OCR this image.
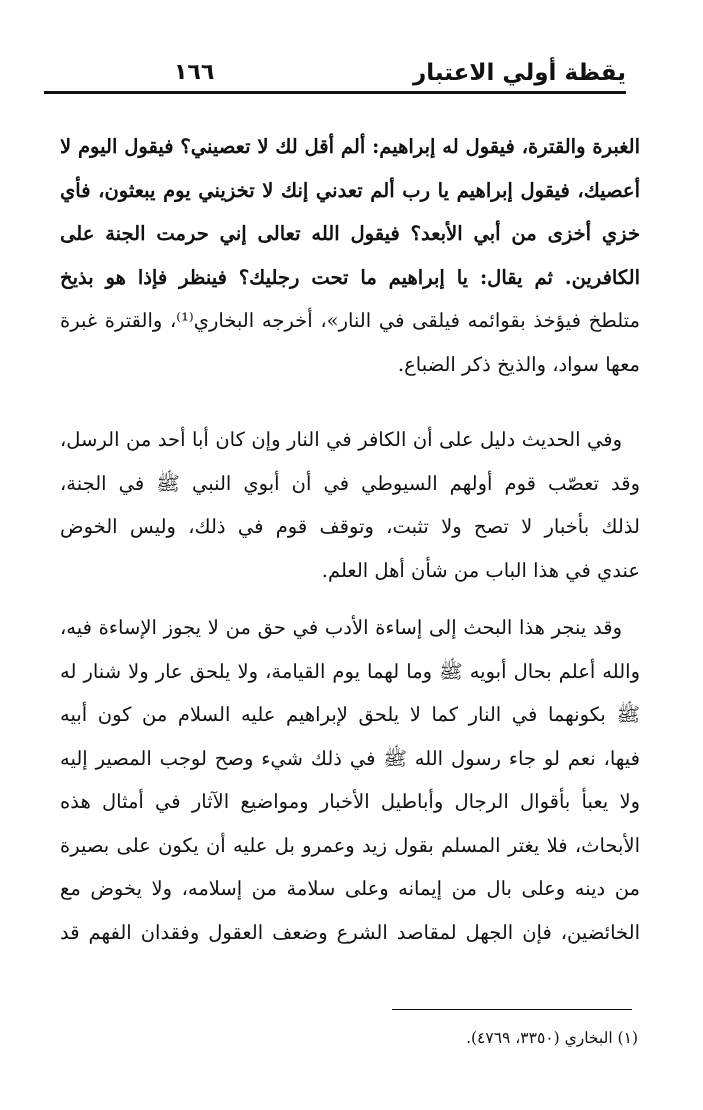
يقظة أولي الاعتبار
١٦٦
الغبرة والقترة، فيقول له إبراهيم: ألم أقل لك لا تعصيني؟ فيقول اليوم لا
أعصيك، فيقول إبراهيم يا رب ألم تعدني إنك لا تخزيني يوم يبعثون، فأي
خزي أخزى من أبي الأبعد؟ فيقول الله تعالى إني حرمت الجنة على
الكافرين. ثم يقال: يا إبراهيم ما تحت رجليك؟ فينظر فإذا هو بذيخ
متلطخ فيؤخذ بقوائمه فيلقى في النار»، أخرجه البخاري⁽¹⁾، والقترة غبرة
معها سواد، والذيخ ذكر الضباع.
وفي الحديث دليل على أن الكافر في النار وإن كان أبا أحد من الرسل،
وقد تعصّب قوم أولهم السيوطي في أن أبوي النبي ﷺ في الجنة،
لذلك بأخبار لا تصح ولا تثبت، وتوقف قوم في ذلك، وليس الخوض
عندي في هذا الباب من شأن أهل العلم.
وقد ينجر هذا البحث إلى إساءة الأدب في حق من لا يجوز الإساءة فيه،
والله أعلم بحال أبويه ﷺ وما لهما يوم القيامة، ولا يلحق عار ولا شنار له
ﷺ بكونهما في النار كما لا يلحق لإبراهيم عليه السلام من كون أبيه
فيها، نعم لو جاء رسول الله ﷺ في ذلك شيء وصح لوجب المصير إليه
ولا يعبأ بأقوال الرجال وأباطيل الأخبار ومواضيع الآثار في أمثال هذه
الأبحاث، فلا يغتر المسلم بقول زيد وعمرو بل عليه أن يكون على بصيرة
من دينه وعلى بال من إيمانه وعلى سلامة من إسلامه، ولا يخوض مع
الخائضين، فإن الجهل لمقاصد الشرع وضعف العقول وفقدان الفهم قد
(١) البخاري (٣٣٥٠، ٤٧٦٩).
